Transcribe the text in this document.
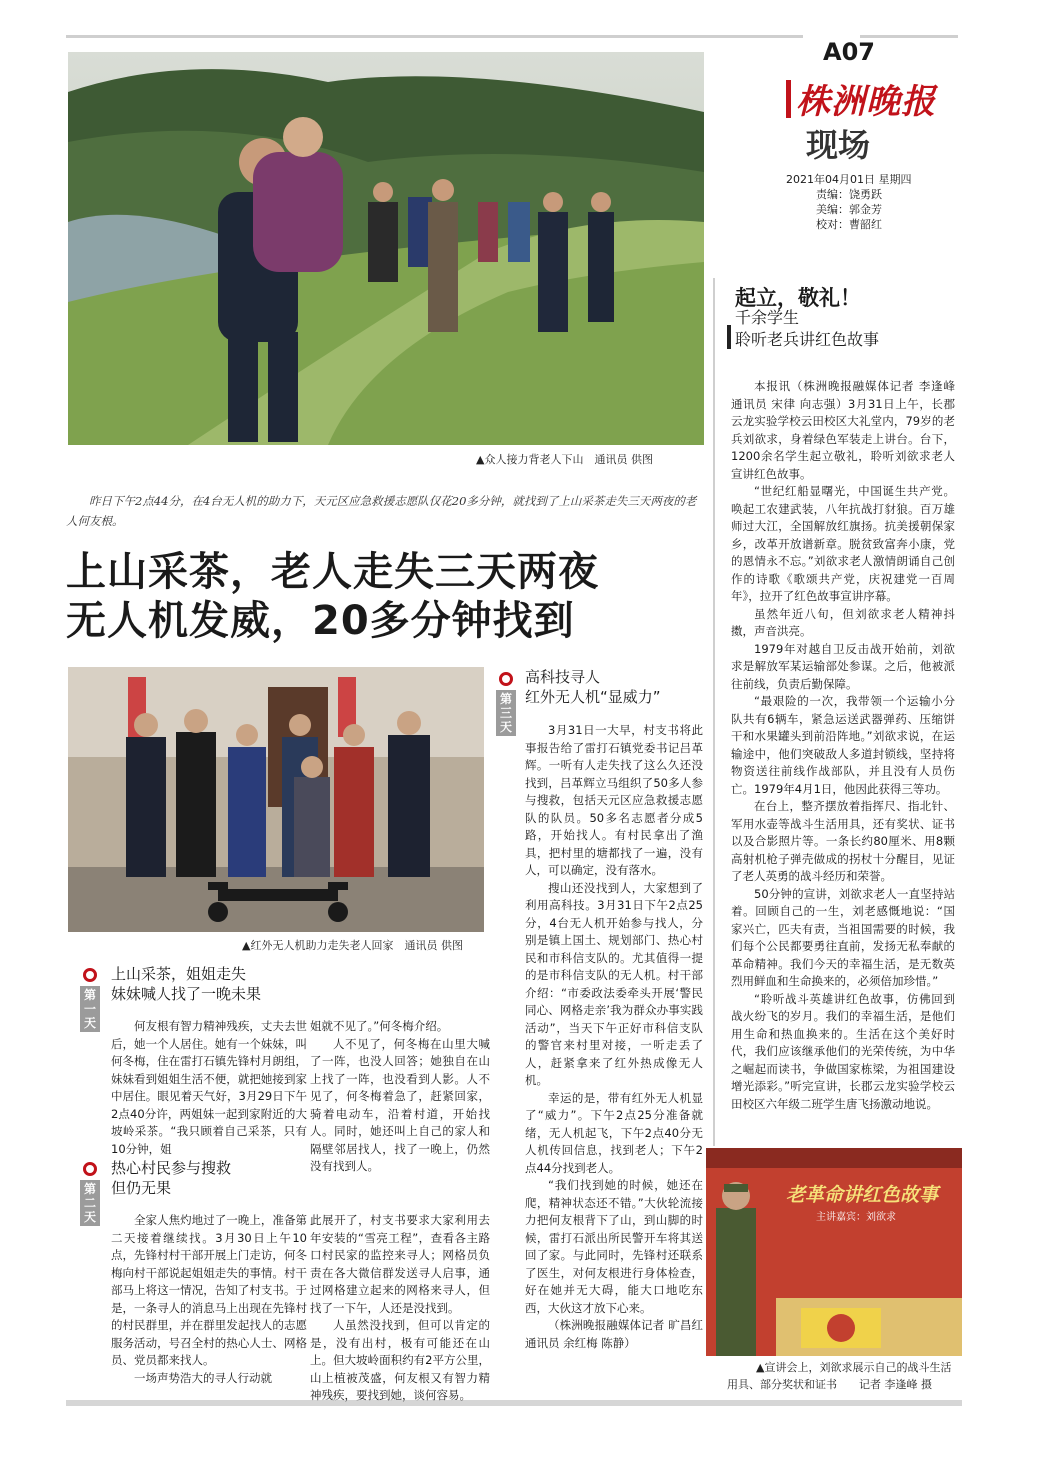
A07
株洲晚报
现场
2021年04月01日 星期四
责编：饶勇跃
美编：郭金芳
校对：曹韶红
▲众人接力背老人下山　通讯员 供图
昨日下午2点44分，在4台无人机的助力下，天元区应急救援志愿队仅花20多分钟，就找到了上山采茶走失三天两夜的老人何友根。
上山采茶，老人走失三天两夜
无人机发威，20多分钟找到
▲红外无人机助力走失老人回家　通讯员 供图
第
一
天
上山采茶，姐姐走失
妹妹喊人找了一晚未果

何友根有智力精神残疾，丈夫去世后，她一个人居住。她有一个妹妹，叫何冬梅，住在雷打石镇先锋村月朗组，妹妹看到姐姐生活不便，就把她接到家中居住。眼见着天气好，3月29日下午2点40分许，两姐妹一起到家附近的大坡岭采茶。“我只顾着自己采茶，只有10分钟，姐

姐就不见了。”何冬梅介绍。

人不见了，何冬梅在山里大喊了一阵，也没人回答；她独自在山上找了一阵，也没看到人影。人不见了，何冬梅着急了，赶紧回家，骑着电动车，沿着村道，开始找人。同时，她还叫上自己的家人和隔壁邻居找人，找了一晚上，仍然没有找到人。

第
二
天
热心村民参与搜救
但仍无果

全家人焦灼地过了一晚上，准备第二天接着继续找。3月30日上午10点，先锋村村干部开展上门走访，何冬梅向村干部说起姐姐走失的事情。村干部马上将这一情况，告知了村支书。于是，一条寻人的消息马上出现在先锋村的村民群里，并在群里发起找人的志愿服务活动，号召全村的热心人士、网格员、党员都来找人。

一场声势浩大的寻人行动就

此展开了，村支书要求大家利用去年安装的“雪亮工程”，查看各主路口村民家的监控来寻人；网格员负责在各大微信群发送寻人启事，通过网格建立起来的网格来寻人，但找了一下午，人还是没找到。

人虽然没找到，但可以肯定的是，没有出村，极有可能还在山上。但大坡岭面积约有2平方公里，山上植被茂盛，何友根又有智力精神残疾，要找到她，谈何容易。

第
三
天
高科技寻人
红外无人机“显威力”

3月31日一大早，村支书将此事报告给了雷打石镇党委书记吕革辉。一听有人走失找了这么久还没找到，吕革辉立马组织了50多人参与搜救，包括天元区应急救援志愿队的队员。50多名志愿者分成5路，开始找人。有村民拿出了渔具，把村里的塘都找了一遍，没有人，可以确定，没有落水。

搜山还没找到人，大家想到了利用高科技。3月31日下午2点25分，4台无人机开始参与找人，分别是镇上国土、规划部门、热心村民和市科信支队的。尤其值得一提的是市科信支队的无人机。村干部介绍：“市委政法委牵头开展‘警民同心、网格走亲’我为群众办事实践活动”，当天下午正好市科信支队的警官来村里对接，一听走丢了人，赶紧拿来了红外热成像无人机。

幸运的是，带有红外无人机显了“威力”。下午2点25分准备就绪，无人机起飞，下午2点40分无人机传回信息，找到老人；下午2点44分找到老人。

“我们找到她的时候，她还在爬，精神状态还不错。”大伙轮流接力把何友根背下了山，到山脚的时候，雷打石派出所民警开车将其送回了家。与此同时，先锋村还联系了医生，对何友根进行身体检查，好在她并无大碍，能大口地吃东西，大伙这才放下心来。

（株洲晚报融媒体记者 旷昌红 通讯员 余红梅 陈静）

起立，敬礼！
千余学生
聆听老兵讲红色故事

本报讯（株洲晚报融媒体记者 李逢峰 通讯员 宋律 向志强）3月31日上午，长郡云龙实验学校云田校区大礼堂内，79岁的老兵刘欲求，身着绿色军装走上讲台。台下，1200余名学生起立敬礼，聆听刘欲求老人宣讲红色故事。

“世纪红船显曙光，中国诞生共产党。唤起工农建武装，八年抗战打豺狼。百万雄师过大江，全国解放红旗扬。抗美援朝保家乡，改革开放谱新章。脱贫致富奔小康，党的恩情永不忘。”刘欲求老人激情朗诵自己创作的诗歌《歌颂共产党，庆祝建党一百周年》，拉开了红色故事宣讲序幕。

虽然年近八旬，但刘欲求老人精神抖擞，声音洪亮。

1979年对越自卫反击战开始前，刘欲求是解放军某运输部处参谋。之后，他被派往前线，负责后勤保障。

“最艰险的一次，我带领一个运输小分队共有6辆车，紧急运送武器弹药、压缩饼干和水果罐头到前沿阵地。”刘欲求说，在运输途中，他们突破敌人多道封锁线，坚持将物资送往前线作战部队，并且没有人员伤亡。1979年4月1日，他因此获得三等功。

在台上，整齐摆放着指挥尺、指北针、军用水壶等战斗生活用具，还有奖状、证书以及合影照片等。一条长约80厘米、用8颗高射机枪子弹壳做成的拐杖十分醒目，见证了老人英勇的战斗经历和荣誉。

50分钟的宣讲，刘欲求老人一直坚持站着。回顾自己的一生，刘老感慨地说：“国家兴亡，匹夫有责，当祖国需要的时候，我们每个公民都要勇往直前，发扬无私奉献的革命精神。我们今天的幸福生活，是无数英烈用鲜血和生命换来的，必须倍加珍惜。”

“聆听战斗英雄讲红色故事，仿佛回到战火纷飞的岁月。我们的幸福生活，是他们用生命和热血换来的。生活在这个美好时代，我们应该继承他们的光荣传统，为中华之崛起而读书，争做国家栋梁，为祖国建设增光添彩。”听完宣讲，长郡云龙实验学校云田校区六年级二班学生唐飞扬激动地说。

老革命讲红色故事
主讲嘉宾：刘欲求
▲宣讲会上，刘欲求展示自己的战斗生活
用具、部分奖状和证书　　记者 李逢峰 摄
